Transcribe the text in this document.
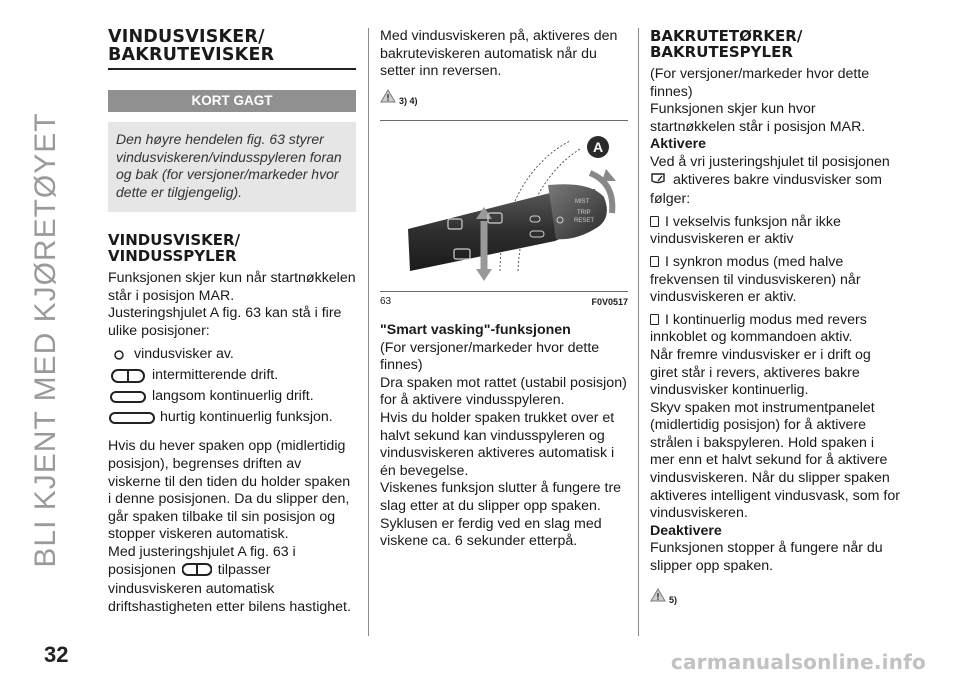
BLI KJENT MED KJØRETØYET
32	carmanualsonline.info
VINDUSVISKER/
BAKRUTEVISKER
KORT GAGT
Den høyre hendelen fig. 63 styrer vindusviskeren/vindusspyleren foran og bak (for versjoner/markeder hvor dette er tilgjengelig).
VINDUSVISKER/
VINDUSSPYLER

Funksjonen skjer kun når startnøkkelen står i posisjon MAR.

Justeringshjulet A fig. 63 kan stå i fire ulike posisjoner:

vindusvisker av.
intermitterende drift.
langsom kontinuerlig drift.
hurtig kontinuerlig funksjon.

Hvis du hever spaken opp (midlertidig posisjon), begrenses driften av viskerne til den tiden du holder spaken i denne posisjonen. Da du slipper den, går spaken tilbake til sin posisjon og stopper viskeren automatisk.

Med justeringshjulet A fig. 63 i posisjonen	tilpasser vindusviskeren automatisk driftshastigheten etter bilens hastighet.

Med vindusviskeren på, aktiveres den bakruteviskeren automatisk når du setter inn reversen.

3) 4)
MIST
TRIP
RESET
A
63	F0V0517

"Smart vasking"-funksjonen

(For versjoner/markeder hvor dette finnes)
Dra spaken mot rattet (ustabil posisjon) for å aktivere vindusspyleren.
Hvis du holder spaken trukket over et halvt sekund kan vindusspyleren og vindusviskeren aktiveres automatisk i én bevegelse.
Viskenes funksjon slutter å fungere tre slag etter at du slipper opp spaken.
Syklusen er ferdig ved en slag med viskene ca. 6 sekunder etterpå.

BAKRUTETØRKER/
BAKRUTESPYLER

(For versjoner/markeder hvor dette finnes)
Funksjonen skjer kun hvor startnøkkelen står i posisjon MAR.

Aktivere

Ved å vri justeringshjulet til posisjonen

aktiveres bakre vindusvisker som følger:

I vekselvis funksjon når ikke vindusviskeren er aktiv

I synkron modus (med halve frekvensen til vindusviskeren) når vindusviskeren er aktiv.

I kontinuerlig modus med revers innkoblet og kommandoen aktiv.

Når fremre vindusvisker er i drift og giret står i revers, aktiveres bakre vindusvisker kontinuerlig.
Skyv spaken mot instrumentpanelet (midlertidig posisjon) for å aktivere strålen i bakspyleren. Hold spaken i mer enn et halvt sekund for å aktivere vindusviskeren. Når du slipper spaken aktiveres intelligent vindusvask, som for vindusviskeren.

Deaktivere

Funksjonen stopper å fungere når du slipper opp spaken.

5)
